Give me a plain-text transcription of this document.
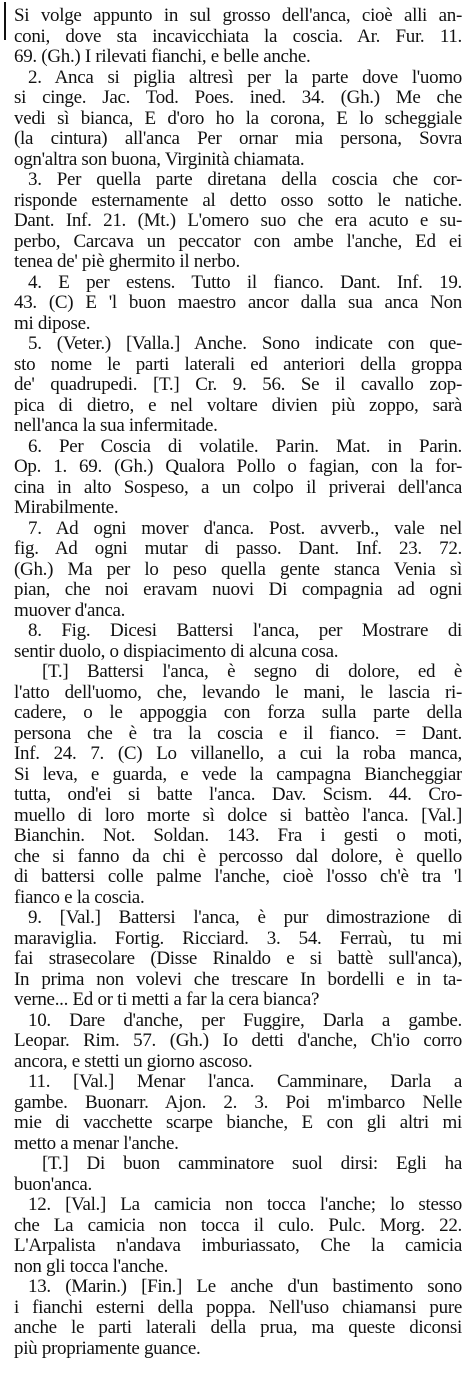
Si volge appunto in sul grosso dell'anca, cioè alli an-
coni, dove sta incavicchiata la coscia. Ar. Fur. 11.
69. (Gh.) I rilevati fianchi, e belle anche.
2. Anca si piglia altresì per la parte dove l'uomo
si cinge. Jac. Tod. Poes. ined. 34. (Gh.) Me che
vedi sì bianca, E d'oro ho la corona, E lo scheggiale
(la cintura) all'anca Per ornar mia persona, Sovra
ogn'altra son buona, Virginità chiamata.
3. Per quella parte diretana della coscia che cor-
risponde esternamente al detto osso sotto le natiche.
Dant. Inf. 21. (Mt.) L'omero suo che era acuto e su-
perbo, Carcava un peccator con ambe l'anche, Ed ei
tenea de' piè ghermito il nerbo.
4. E per estens. Tutto il fianco. Dant. Inf. 19.
43. (C) E 'l buon maestro ancor dalla sua anca Non
mi dipose.
5. (Veter.) [Valla.] Anche. Sono indicate con que-
sto nome le parti laterali ed anteriori della groppa
de' quadrupedi. [T.] Cr. 9. 56. Se il cavallo zop-
pica di dietro, e nel voltare divien più zoppo, sarà
nell'anca la sua infermitade.
6. Per Coscia di volatile. Parin. Mat. in Parin.
Op. 1. 69. (Gh.) Qualora Pollo o fagian, con la for-
cina in alto Sospeso, a un colpo il priverai dell'anca
Mirabilmente.
7. Ad ogni mover d'anca. Post. avverb., vale nel
fig. Ad ogni mutar di passo. Dant. Inf. 23. 72.
(Gh.) Ma per lo peso quella gente stanca Venia sì
pian, che noi eravam nuovi Di compagnia ad ogni
muover d'anca.
8. Fig. Dicesi Battersi l'anca, per Mostrare di
sentir duolo, o dispiacimento di alcuna cosa.
[T.] Battersi l'anca, è segno di dolore, ed è
l'atto dell'uomo, che, levando le mani, le lascia ri-
cadere, o le appoggia con forza sulla parte della
persona che è tra la coscia e il fianco. = Dant.
Inf. 24. 7. (C) Lo villanello, a cui la roba manca,
Si leva, e guarda, e vede la campagna Biancheggiar
tutta, ond'ei si batte l'anca. Dav. Scism. 44. Cro-
muello di loro morte sì dolce si battèo l'anca. [Val.]
Bianchin. Not. Soldan. 143. Fra i gesti o moti,
che si fanno da chi è percosso dal dolore, è quello
di battersi colle palme l'anche, cioè l'osso ch'è tra 'l
fianco e la coscia.
9. [Val.] Battersi l'anca, è pur dimostrazione di
maraviglia. Fortig. Ricciard. 3. 54. Ferraù, tu mi
fai strasecolare (Disse Rinaldo e si battè sull'anca),
In prima non volevi che trescare In bordelli e in ta-
verne... Ed or ti metti a far la cera bianca?
10. Dare d'anche, per Fuggire, Darla a gambe.
Leopar. Rim. 57. (Gh.) Io detti d'anche, Ch'io corro
ancora, e stetti un giorno ascoso.
11. [Val.] Menar l'anca. Camminare, Darla a
gambe. Buonarr. Ajon. 2. 3. Poi m'imbarco Nelle
mie di vacchette scarpe bianche, E con gli altri mi
metto a menar l'anche.
[T.] Di buon camminatore suol dirsi: Egli ha
buon'anca.
12. [Val.] La camicia non tocca l'anche; lo stesso
che La camicia non tocca il culo. Pulc. Morg. 22.
L'Arpalista n'andava imburiassato, Che la camicia
non gli tocca l'anche.
13. (Marin.) [Fin.] Le anche d'un bastimento sono
i fianchi esterni della poppa. Nell'uso chiamansi pure
anche le parti laterali della prua, ma queste diconsi
più propriamente guance.
